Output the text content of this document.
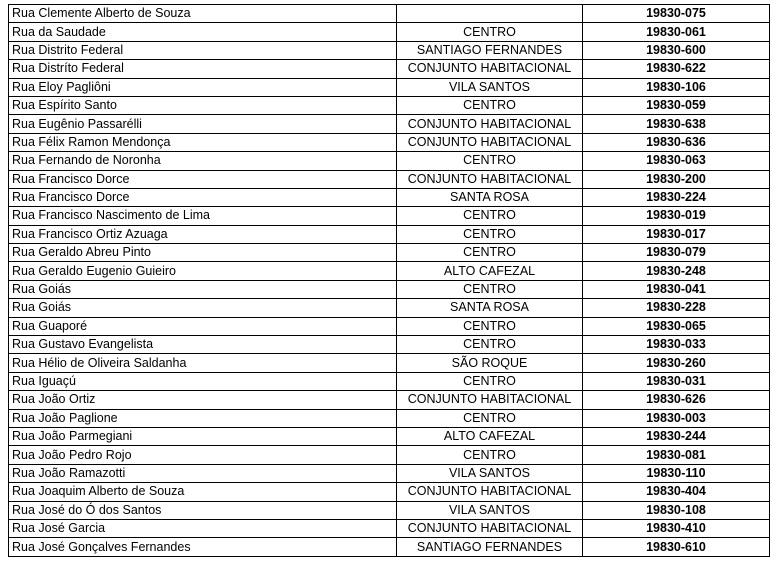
Rua Clemente Alberto de Souza		19830-075
Rua da Saudade	CENTRO	19830-061
Rua Distrito Federal	SANTIAGO FERNANDES	19830-600
Rua Distríto Federal	CONJUNTO HABITACIONAL	19830-622
Rua Eloy Pagliôni	VILA SANTOS	19830-106
Rua Espírito Santo	CENTRO	19830-059
Rua Eugênio Passarélli	CONJUNTO HABITACIONAL	19830-638
Rua Félix Ramon Mendonça	CONJUNTO HABITACIONAL	19830-636
Rua Fernando de Noronha	CENTRO	19830-063
Rua Francisco Dorce	CONJUNTO HABITACIONAL	19830-200
Rua Francisco Dorce	SANTA ROSA	19830-224
Rua Francisco Nascimento de Lima	CENTRO	19830-019
Rua Francisco Ortiz Azuaga	CENTRO	19830-017
Rua Geraldo Abreu Pinto	CENTRO	19830-079
Rua Geraldo Eugenio Guieiro	ALTO CAFEZAL	19830-248
Rua Goiás	CENTRO	19830-041
Rua Goiás	SANTA ROSA	19830-228
Rua Guaporé	CENTRO	19830-065
Rua Gustavo Evangelista	CENTRO	19830-033
Rua Hélio de Oliveira Saldanha	SÃO ROQUE	19830-260
Rua Iguaçú	CENTRO	19830-031
Rua João Ortiz	CONJUNTO HABITACIONAL	19830-626
Rua João Paglione	CENTRO	19830-003
Rua João Parmegiani	ALTO CAFEZAL	19830-244
Rua João Pedro Rojo	CENTRO	19830-081
Rua João Ramazotti	VILA SANTOS	19830-110
Rua Joaquim Alberto de Souza	CONJUNTO HABITACIONAL	19830-404
Rua José do Ó dos Santos	VILA SANTOS	19830-108
Rua José Garcia	CONJUNTO HABITACIONAL	19830-410
Rua José Gonçalves Fernandes	SANTIAGO FERNANDES	19830-610
